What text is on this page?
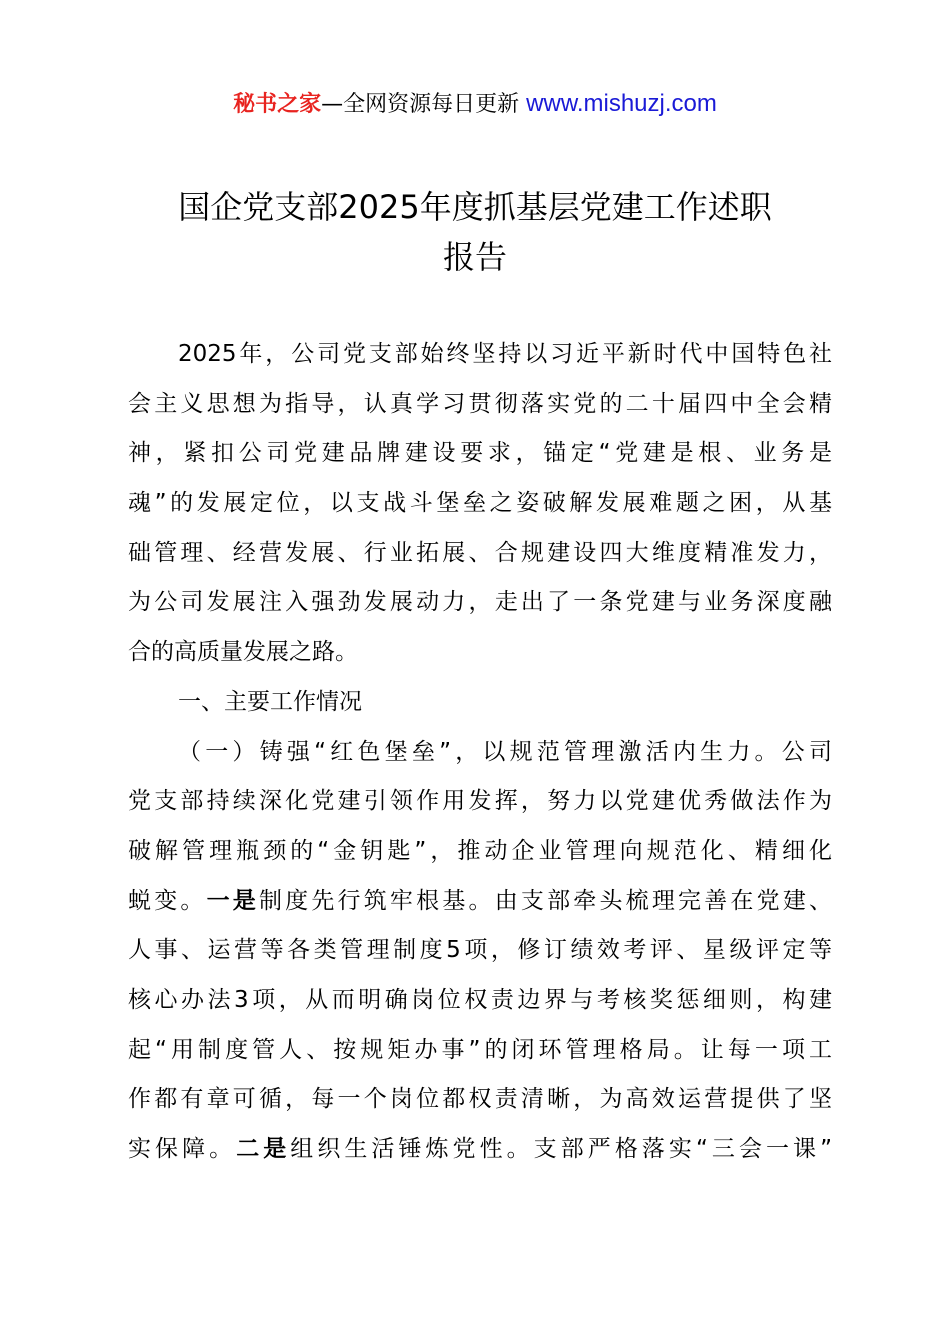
秘书之家—全网资源每日更新 www.mishuzj.com
国企党支部2025年度抓基层党建工作述职
报告
2025年，公司党支部始终坚持以习近平新时代中国特色社
会主义思想为指导，认真学习贯彻落实党的二十届四中全会精
神，紧扣公司党建品牌建设要求，锚定“党建是根、业务是
魂”的发展定位，以支战斗堡垒之姿破解发展难题之困，从基
础管理、经营发展、行业拓展、合规建设四大维度精准发力，
为公司发展注入强劲发展动力，走出了一条党建与业务深度融
合的高质量发展之路。
一、主要工作情况
（一）铸强“红色堡垒”，以规范管理激活内生力。公司
党支部持续深化党建引领作用发挥，努力以党建优秀做法作为
破解管理瓶颈的“金钥匙”，推动企业管理向规范化、精细化
蜕变。一是制度先行筑牢根基。由支部牵头梳理完善在党建、
人事、运营等各类管理制度5项，修订绩效考评、星级评定等
核心办法3项，从而明确岗位权责边界与考核奖惩细则，构建
起“用制度管人、按规矩办事”的闭环管理格局。让每一项工
作都有章可循，每一个岗位都权责清晰，为高效运营提供了坚
实保障。二是组织生活锤炼党性。支部严格落实“三会一课”
